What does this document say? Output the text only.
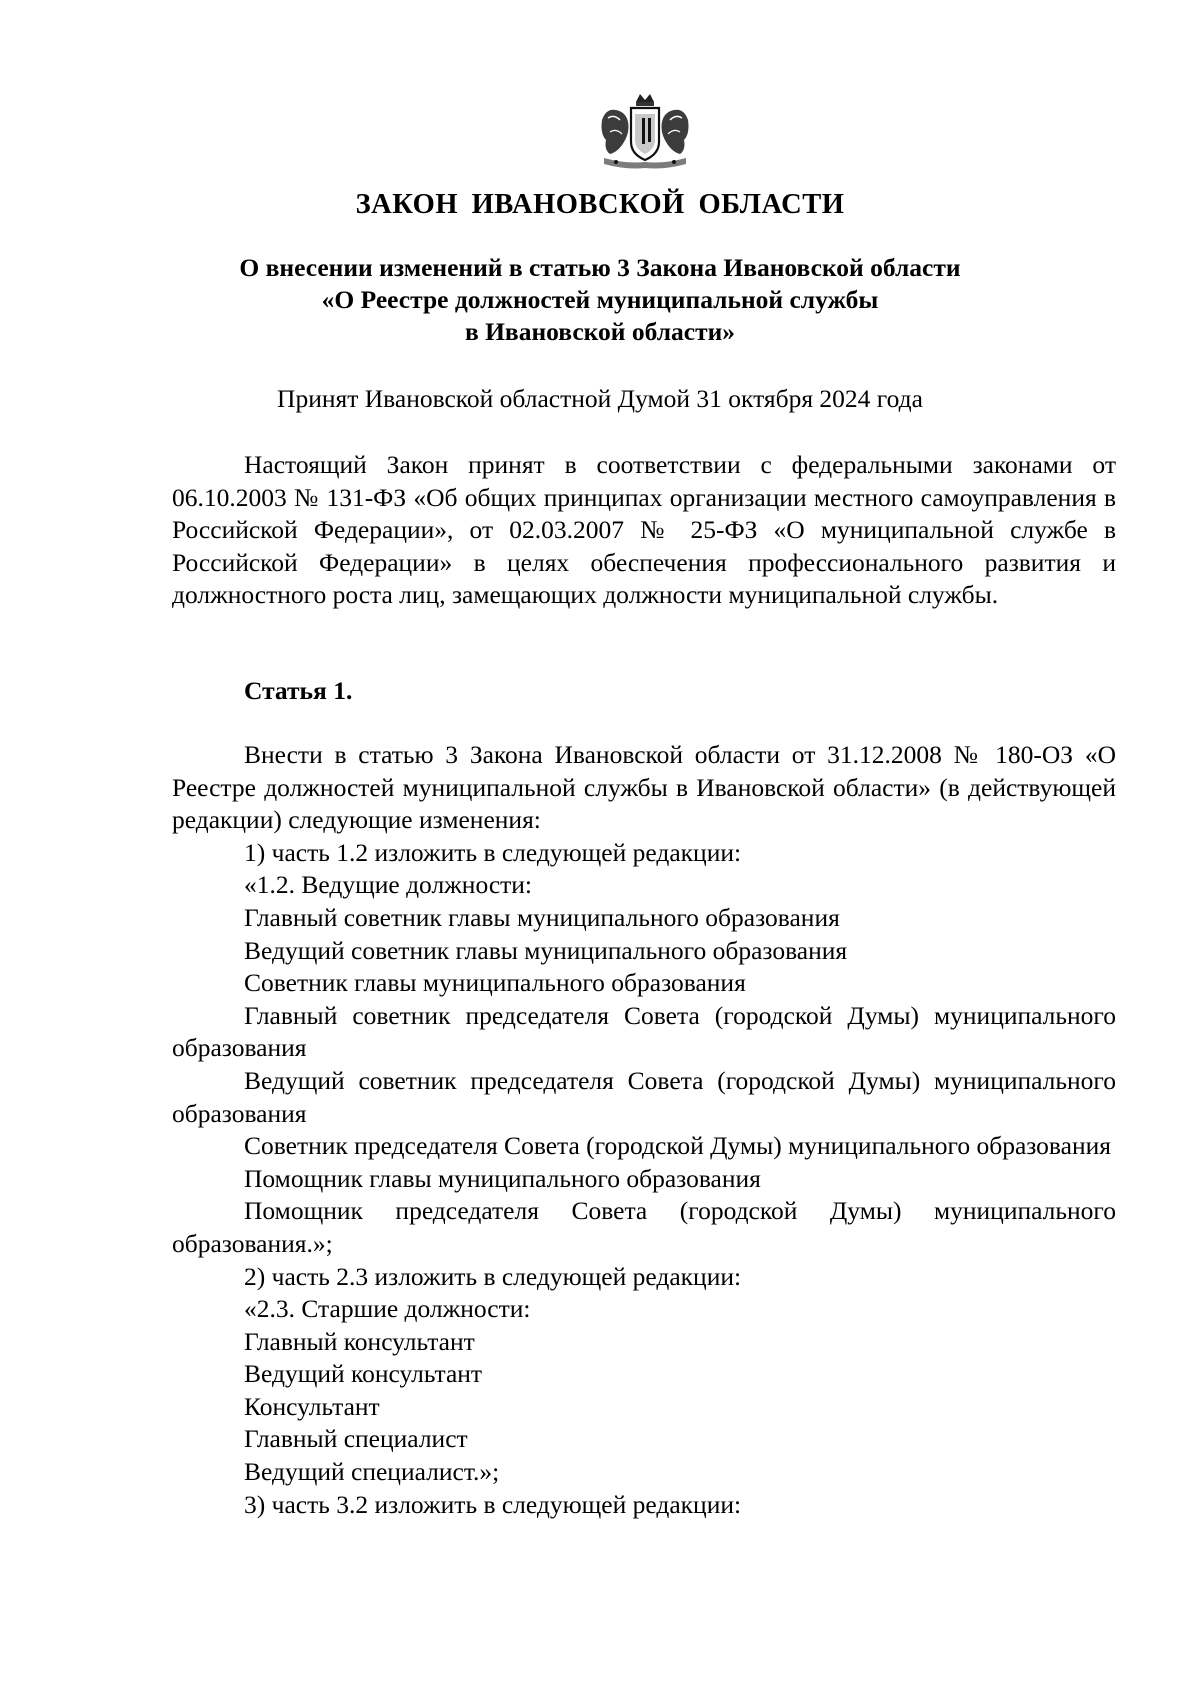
ЗАКОН ИВАНОВСКОЙ ОБЛАСТИ
О внесении изменений в статью 3 Закона Ивановской области
«О Реестре должностей муниципальной службы
в Ивановской области»

Принят Ивановской областной Думой 31 октября 2024 года

Настоящий Закон принят в соответствии с федеральными законами от 06.10.2003 № 131-ФЗ «Об общих принципах организации местного самоуправления в Российской Федерации», от 02.03.2007 № 25-ФЗ «О муниципальной службе в Российской Федерации» в целях обеспечения профессионального развития и должностного роста лиц, замещающих должности муниципальной службы.

Статья 1.

Внести в статью 3 Закона Ивановской области от 31.12.2008 № 180-ОЗ «О Реестре должностей муниципальной службы в Ивановской области» (в действующей редакции) следующие изменения:

1) часть 1.2 изложить в следующей редакции:

«1.2. Ведущие должности:

Главный советник главы муниципального образования

Ведущий советник главы муниципального образования

Советник главы муниципального образования

Главный советник председателя Совета (городской Думы) муниципального образования

Ведущий советник председателя Совета (городской Думы) муниципального образования

Советник председателя Совета (городской Думы) муниципального образования

Помощник главы муниципального образования

Помощник председателя Совета (городской Думы) муниципального образования.»;

2) часть 2.3 изложить в следующей редакции:

«2.3. Старшие должности:

Главный консультант

Ведущий консультант

Консультант

Главный специалист

Ведущий специалист.»;

3) часть 3.2 изложить в следующей редакции:
